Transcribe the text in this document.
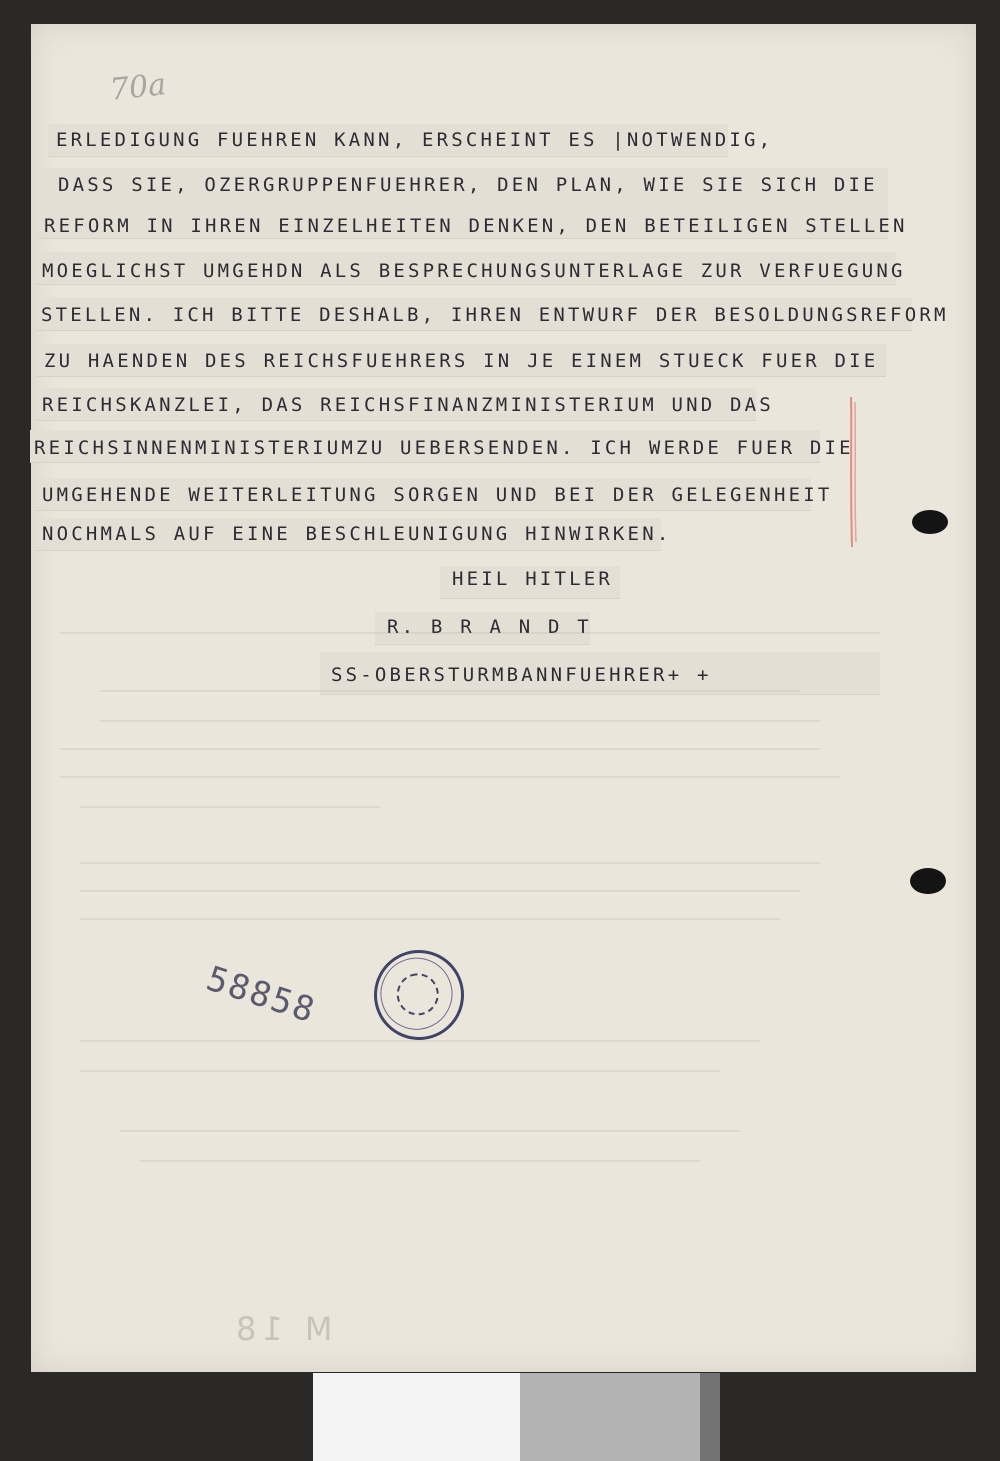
70a
ERLEDIGUNG FUEHREN KANN, ERSCHEINT ES |NOTWENDIG,
DASS SIE, OZERGRUPPENFUEHRER, DEN PLAN, WIE SIE SICH DIE
REFORM IN IHREN EINZELHEITEN DENKEN, DEN BETEILIGEN STELLEN
MOEGLICHST UMGEHDN ALS BESPRECHUNGSUNTERLAGE ZUR VERFUEGUNG
STELLEN. ICH BITTE DESHALB, IHREN ENTWURF DER BESOLDUNGSREFORM
ZU HAENDEN DES REICHSFUEHRERS IN JE EINEM STUECK FUER DIE
REICHSKANZLEI, DAS REICHSFINANZMINISTERIUM UND DAS
REICHSINNENMINISTERIUMZU UEBERSENDEN. ICH WERDE FUER DIE
UMGEHENDE WEITERLEITUNG SORGEN UND BEI DER GELEGENHEIT
NOCHMALS AUF EINE BESCHLEUNIGUNG HINWIRKEN.
HEIL HITLER
R. B R A N D T
SS-OBERSTURMBANNFUEHRER+ +
58858
M 18
